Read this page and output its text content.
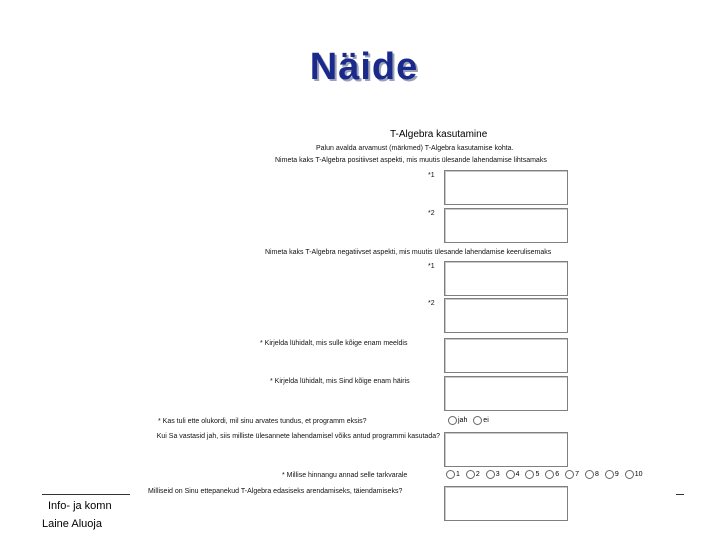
Näide
T-Algebra kasutamine
Palun avalda arvamust (märkmed) T-Algebra kasutamise kohta.
Nimeta kaks T-Algebra positiivset aspekti, mis muutis ülesande lahendamise lihtsamaks
*1
*2
Nimeta kaks T-Algebra negatiivset aspekti, mis muutis ülesande lahendamise keerulisemaks
*1
*2
* Kirjelda lühidalt, mis sulle kõige enam meeldis
* Kirjelda lühidalt, mis Sind kõige enam häiris
* Kas tuli ette olukordi, mil sinu arvates tundus, et programm eksis?	jah ei
Kui Sa vastasid jah, siis milliste ülesannete lahendamisel võiks antud programmi kasutada?
* Millise hinnangu annad selle tarkvarale	1 2 3 4 5 6 7 8 9 10
Milliseid on Sinu ettepanekud T-Algebra edasiseks arendamiseks, täiendamiseks?
Info- ja komn
Laine Aluoja
